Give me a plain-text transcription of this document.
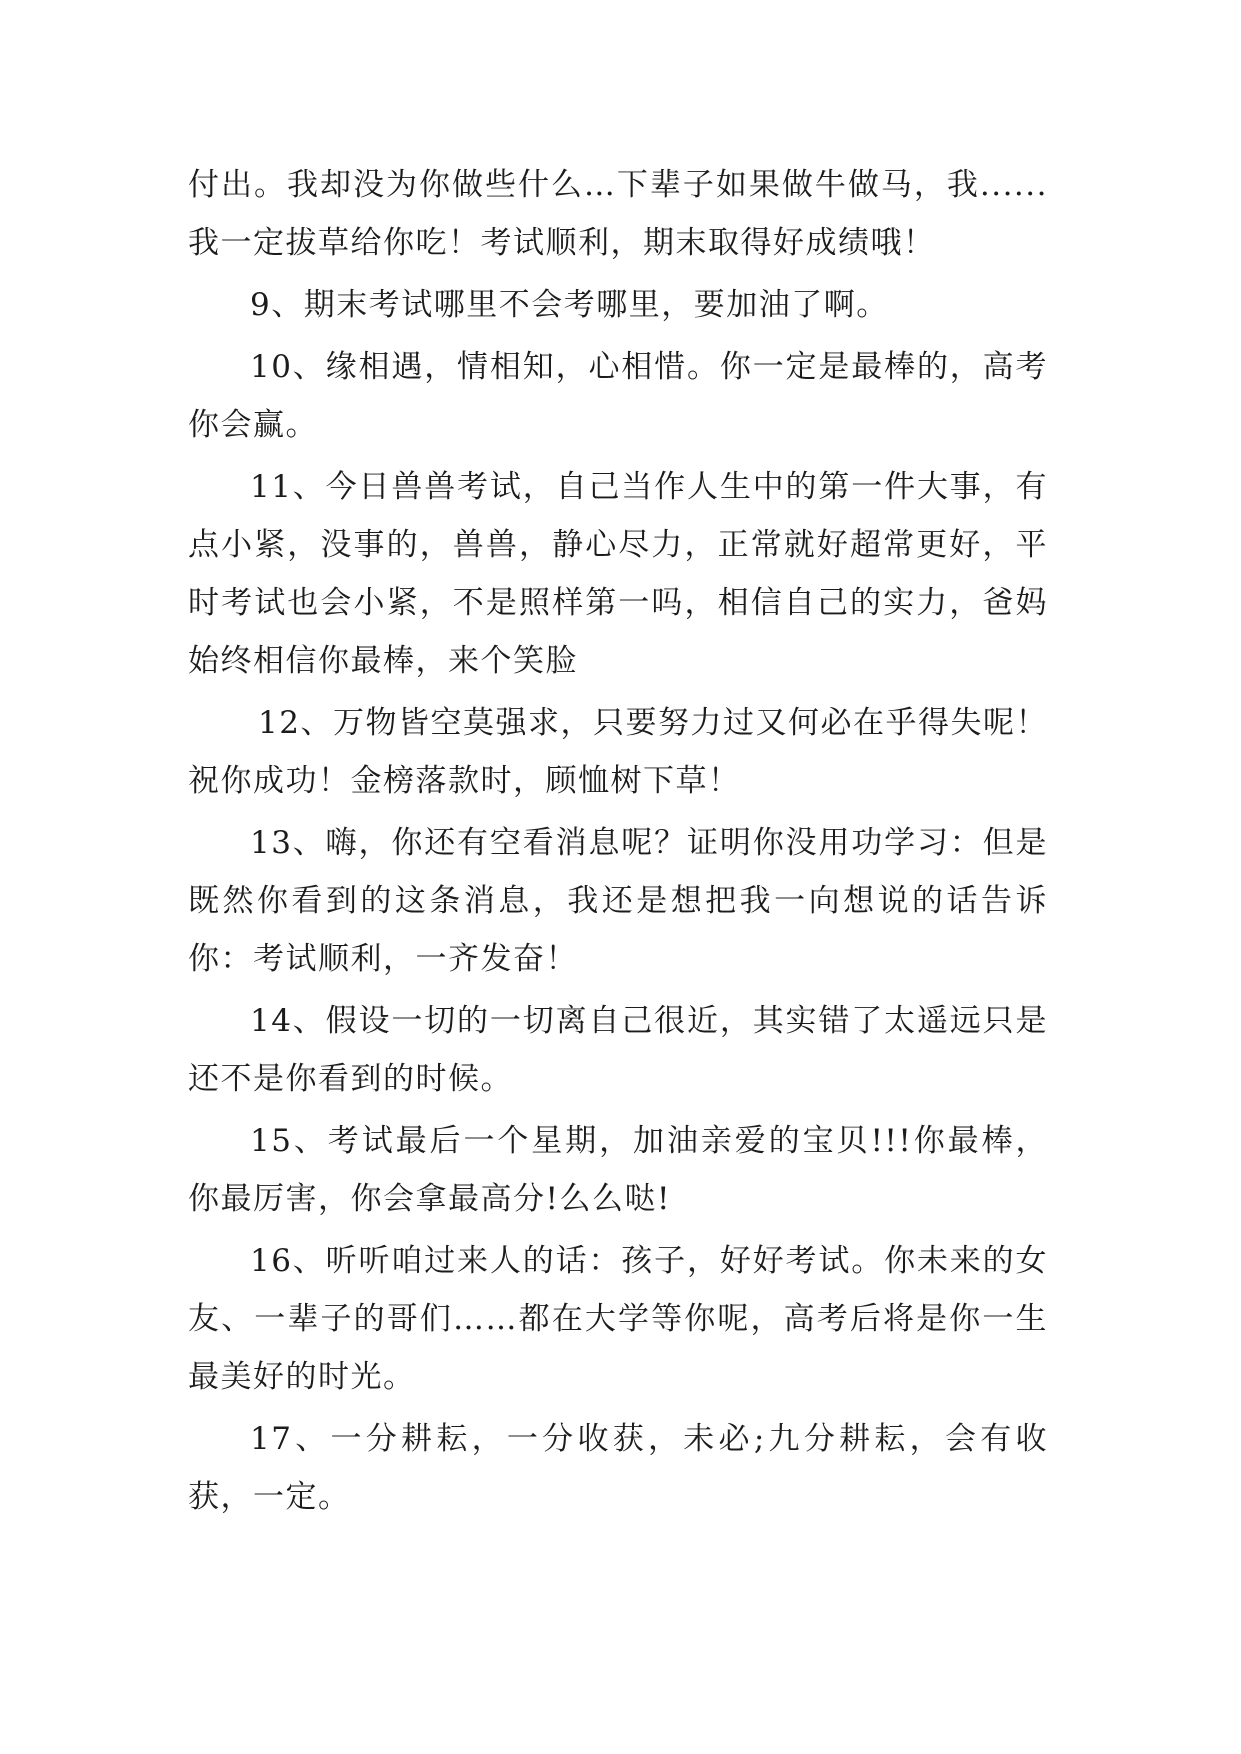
付出。我却没为你做些什么…下辈子如果做牛做马，我......我一定拔草给你吃！考试顺利，期末取得好成绩哦！

9、期末考试哪里不会考哪里，要加油了啊。

10、缘相遇，情相知，心相惜。你一定是最棒的，高考你会赢。

11、今日兽兽考试，自己当作人生中的第一件大事，有点小紧，没事的，兽兽，静心尽力，正常就好超常更好，平时考试也会小紧，不是照样第一吗，相信自己的实力，爸妈始终相信你最棒，来个笑脸

12、万物皆空莫强求，只要努力过又何必在乎得失呢！祝你成功！金榜落款时，顾恤树下草！

13、嗨，你还有空看消息呢？证明你没用功学习：但是既然你看到的这条消息，我还是想把我一向想说的话告诉你：考试顺利，一齐发奋！

14、假设一切的一切离自己很近，其实错了太遥远只是还不是你看到的时候。

15、考试最后一个星期，加油亲爱的宝贝!!!你最棒，你最厉害，你会拿最高分!么么哒!

16、听听咱过来人的话：孩子，好好考试。你未来的女友、一辈子的哥们……都在大学等你呢，高考后将是你一生最美好的时光。

17、一分耕耘，一分收获，未必;九分耕耘，会有收获，一定。
